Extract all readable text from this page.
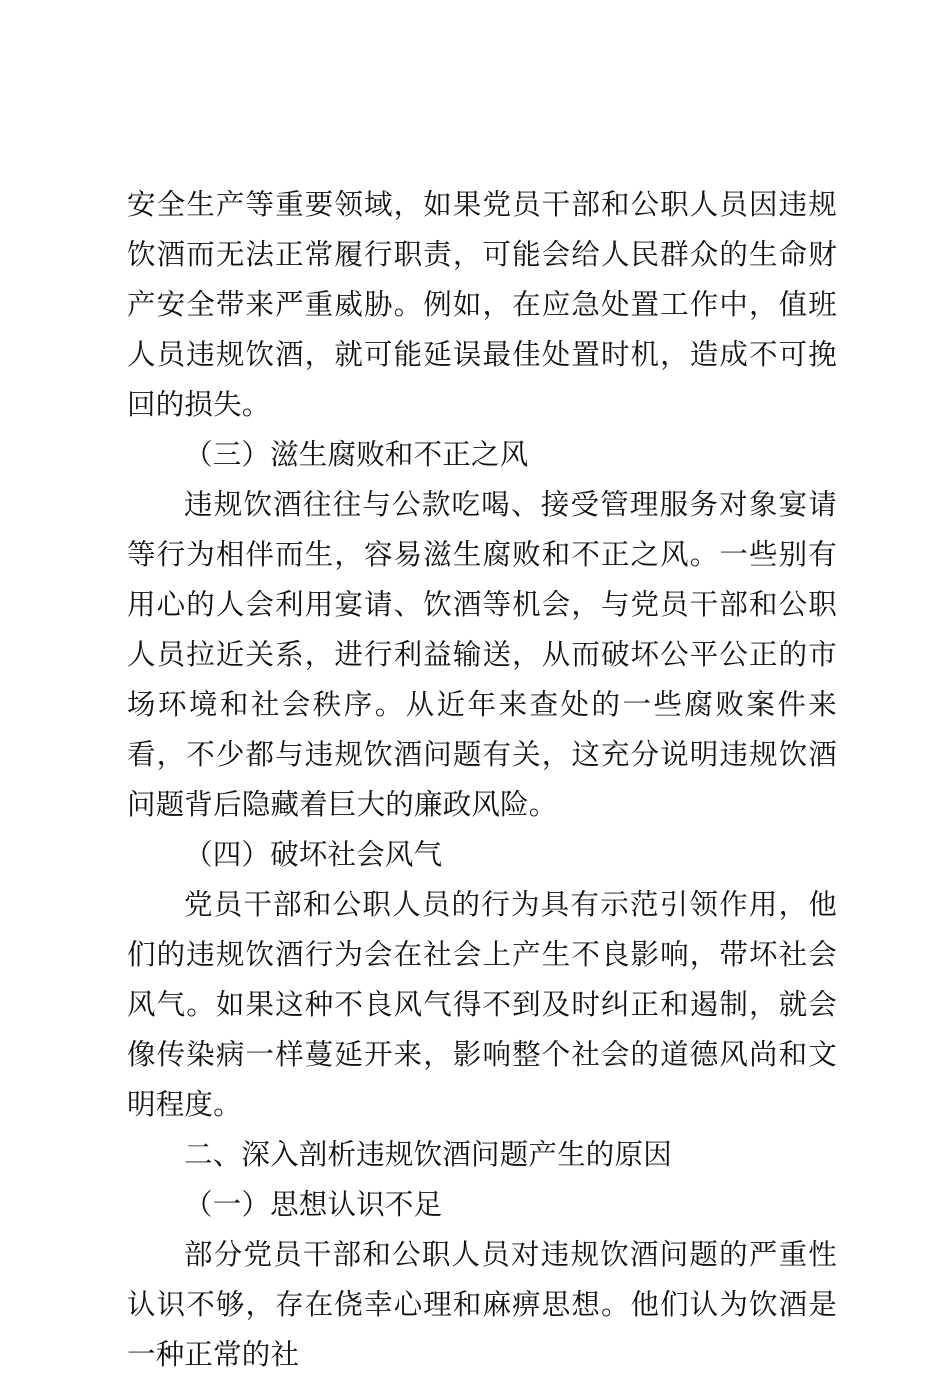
安全生产等重要领域，如果党员干部和公职人员因违规饮酒而无法正常履行职责，可能会给人民群众的生命财产安全带来严重威胁。例如，在应急处置工作中，值班人员违规饮酒，就可能延误最佳处置时机，造成不可挽回的损失。

（三）滋生腐败和不正之风

违规饮酒往往与公款吃喝、接受管理服务对象宴请等行为相伴而生，容易滋生腐败和不正之风。一些别有用心的人会利用宴请、饮酒等机会，与党员干部和公职人员拉近关系，进行利益输送，从而破坏公平公正的市场环境和社会秩序。从近年来查处的一些腐败案件来看，不少都与违规饮酒问题有关，这充分说明违规饮酒问题背后隐藏着巨大的廉政风险。

（四）破坏社会风气

党员干部和公职人员的行为具有示范引领作用，他们的违规饮酒行为会在社会上产生不良影响，带坏社会风气。如果这种不良风气得不到及时纠正和遏制，就会像传染病一样蔓延开来，影响整个社会的道德风尚和文明程度。

二、深入剖析违规饮酒问题产生的原因

（一）思想认识不足

部分党员干部和公职人员对违规饮酒问题的严重性认识不够，存在侥幸心理和麻痹思想。他们认为饮酒是一种正常的社
